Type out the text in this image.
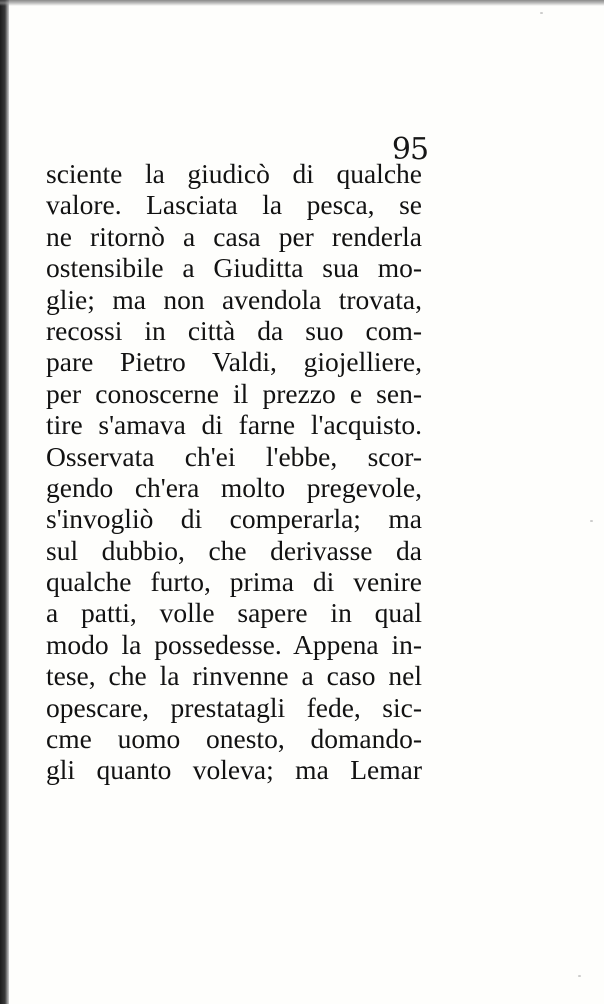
95
sciente la giudicò di qualche
valore. Lasciata la pesca, se
ne ritornò a casa per renderla
ostensibile a Giuditta sua mo-
glie; ma non avendola trovata,
recossi in città da suo com-
pare Pietro Valdi, giojelliere,
per conoscerne il prezzo e sen-
tire s'amava di farne l'acquisto.
Osservata ch'ei l'ebbe, scor-
gendo ch'era molto pregevole,
s'invogliò di comperarla; ma
sul dubbio, che derivasse da
qualche furto, prima di venire
a patti, volle sapere in qual
modo la possedesse. Appena in-
tese, che la rinvenne a caso nel
opescare, prestatagli fede, sic-
cme uomo onesto, domando-
gli quanto voleva; ma Lemar
